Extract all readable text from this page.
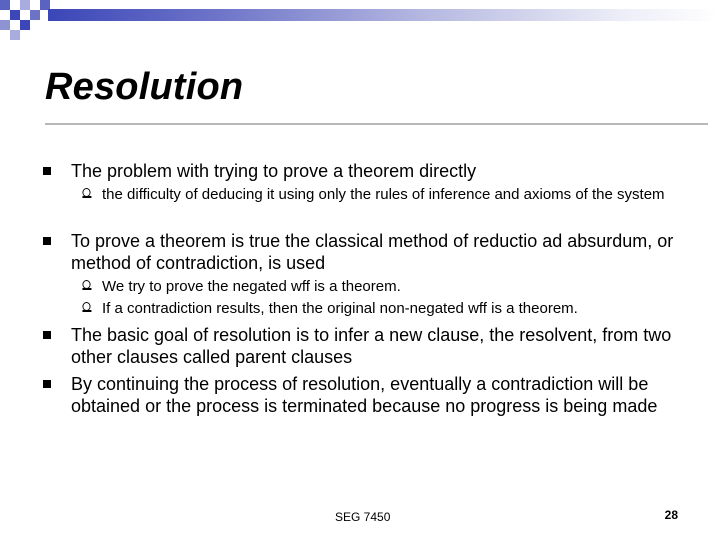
Resolution
The problem with trying to prove a theorem directly
the difficulty of deducing it using only the rules of inference and axioms of the system
To prove a theorem is true the classical method of reductio ad absurdum, or method of contradiction, is used
We try to prove the negated wff is a theorem.
If a contradiction results, then the original non-negated wff is a theorem.
The basic goal of resolution is to infer a new clause, the resolvent, from two other clauses called parent clauses
By continuing the process of resolution, eventually a contradiction will be obtained or the process is terminated because no progress is being made
SEG 7450	28
